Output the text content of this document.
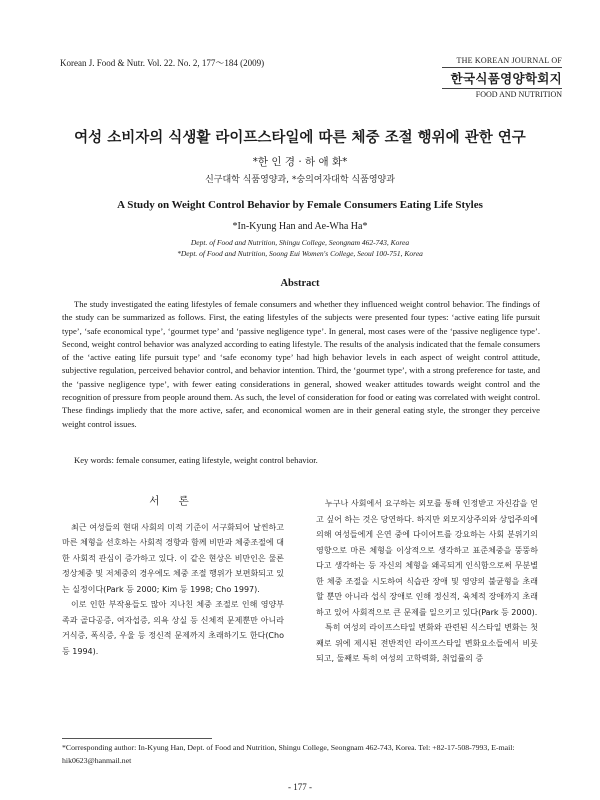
Korean J. Food & Nutr. Vol. 22. No. 2, 177～184 (2009)	THE KOREAN JOURNAL OF
한국식품영양학회지
FOOD AND NUTRITION
여성 소비자의 식생활 라이프스타일에 따른 체중 조절 행위에 관한 연구
*한 인 경 · 하 애 화*
신구대학 식품영양과, *숭의여자대학 식품영양과
A Study on Weight Control Behavior by Female Consumers Eating Life Styles
*In-Kyung Han and Ae-Wha Ha*
Dept. of Food and Nutrition, Shingu College, Seongnam 462-743, Korea
*Dept. of Food and Nutrition, Soong Eui Women's College, Seoul 100-751, Korea
Abstract
The study investigated the eating lifestyles of female consumers and whether they influenced weight control behavior. The findings of the study can be summarized as follows. First, the eating lifestyles of the subjects were presented four types: ‘active eating life pursuit type’, ‘safe economical type’, ‘gourmet type’ and ‘passive negligence type’. In general, most cases were of the ‘passive negligence type’. Second, weight control behavior was analyzed according to eating lifestyle. The results of the analysis indicated that the female consumers of the ‘active eating life pursuit type’ and ‘safe economy type’ had high behavior levels in each aspect of weight control attitude, subjective regulation, perceived behavior control, and behavior intention. Third, the ‘gourmet type’, with a strong preference for taste, and the ‘passive negligence type’, with fewer eating considerations in general, showed weaker attitudes towards weight control and the recognition of pressure from people around them. As such, the level of consideration for food or eating was correlated with weight control. These findings impliedy that the more active, safer, and economical women are in their general eating style, the stronger they perceive weight control issues.
Key words: female consumer, eating lifestyle, weight control behavior.
서 론

최근 여성들의 현대 사회의 미적 기준이 서구화되어 날씬하고 마른 체형을 선호하는 사회적 경향과 함께 비만과 체중조절에 대한 사회적 관심이 증가하고 있다. 이 같은 현상은 비만인은 물론 정상체중 및 저체중의 경우에도 체중 조절 행위가 보편화되고 있는 실정이다(Park 등 2000; Kim 등 1998; Cho 1997).

이로 인한 부작용들도 많아 지나친 체중 조절로 인해 영양부족과 골다공증, 여자섭증, 의욕 상실 등 신체적 문제뿐만 아니라 거식증, 폭식증, 우울 등 정신적 문제까지 초래하기도 한다(Cho 등 1994).

누구나 사회에서 요구하는 외모를 통해 인정받고 자신감을 얻고 싶어 하는 것은 당연하다. 하지만 외모지상주의와 상업주의에 의해 여성들에게 은연 중에 다이어트를 강요하는 사회 분위기의 영향으로 마른 체형을 이상적으로 생각하고 표준체중을 뚱뚱하다고 생각하는 등 자신의 체형을 왜곡되게 인식함으로써 무분별한 체중 조절을 시도하여 식습관 장애 및 영양의 불균형을 초래할 뿐만 아니라 섭식 장애로 인해 정신적, 육체적 장애까지 초래하고 있어 사회적으로 큰 문제를 일으키고 있다(Park 등 2000).

특히 여성의 라이프스타일 변화와 관련된 식스타일 변화는 첫째로 위에 제시된 전반적인 라이프스타일 변화요소들에서 비롯되고, 둘째로 특히 여성의 고학력화, 취업률의 증

*Corresponding author: In-Kyung Han, Dept. of Food and Nutrition, Shingu College, Seongnam 462-743, Korea. Tel: +82-17-508-7993, E-mail: hik0623@hanmail.net
- 177 -
